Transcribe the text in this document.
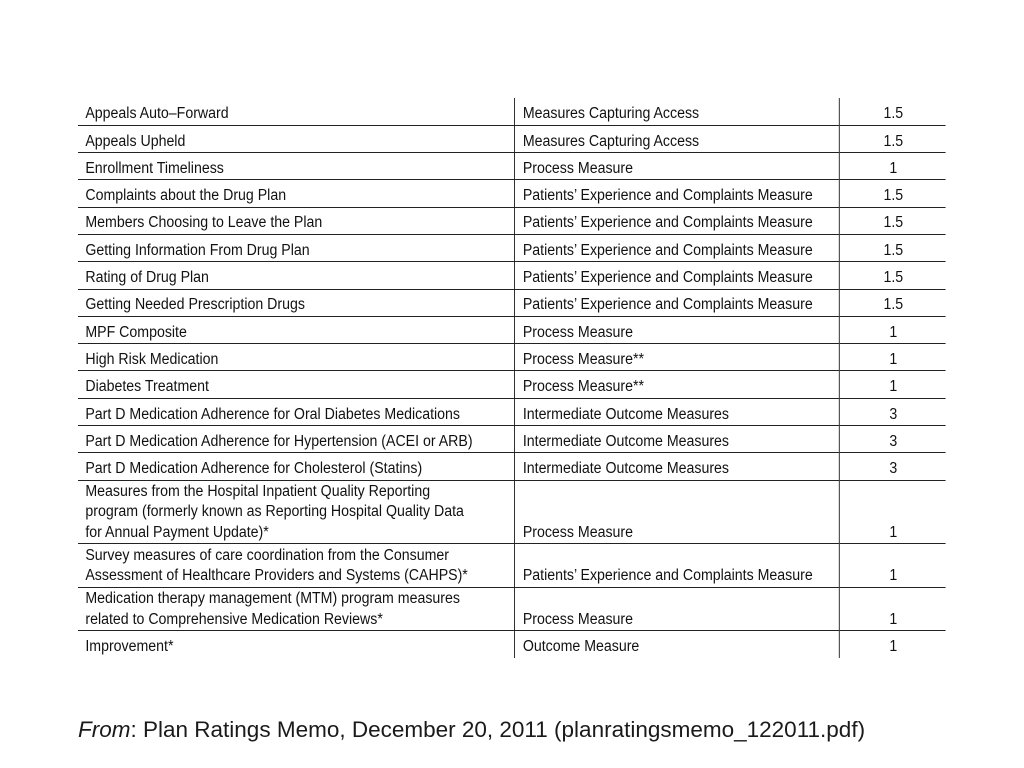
Appeals Auto–Forward	Measures Capturing Access	1.5
Appeals Upheld	Measures Capturing Access	1.5
Enrollment Timeliness	Process Measure	1
Complaints about the Drug Plan	Patients’ Experience and Complaints Measure	1.5
Members Choosing to Leave the Plan	Patients’ Experience and Complaints Measure	1.5
Getting Information From Drug Plan	Patients’ Experience and Complaints Measure	1.5
Rating of Drug Plan	Patients’ Experience and Complaints Measure	1.5
Getting Needed Prescription Drugs	Patients’ Experience and Complaints Measure	1.5
MPF Composite	Process Measure	1
High Risk Medication	Process Measure**	1
Diabetes Treatment	Process Measure**	1
Part D Medication Adherence for Oral Diabetes Medications	Intermediate Outcome Measures	3
Part D Medication Adherence for Hypertension (ACEI or ARB)	Intermediate Outcome Measures	3
Part D Medication Adherence for Cholesterol (Statins)	Intermediate Outcome Measures	3
Measures from the Hospital Inpatient Quality Reporting
program (formerly known as Reporting Hospital Quality Data
for Annual Payment Update)*	Process Measure	1
Survey measures of care coordination from the Consumer
Assessment of Healthcare Providers and Systems (CAHPS)*	Patients’ Experience and Complaints Measure	1
Medication therapy management (MTM) program measures
related to Comprehensive Medication Reviews*	Process Measure	1
Improvement*	Outcome Measure	1
From: Plan Ratings Memo, December 20, 2011 (planratingsmemo_122011.pdf)
